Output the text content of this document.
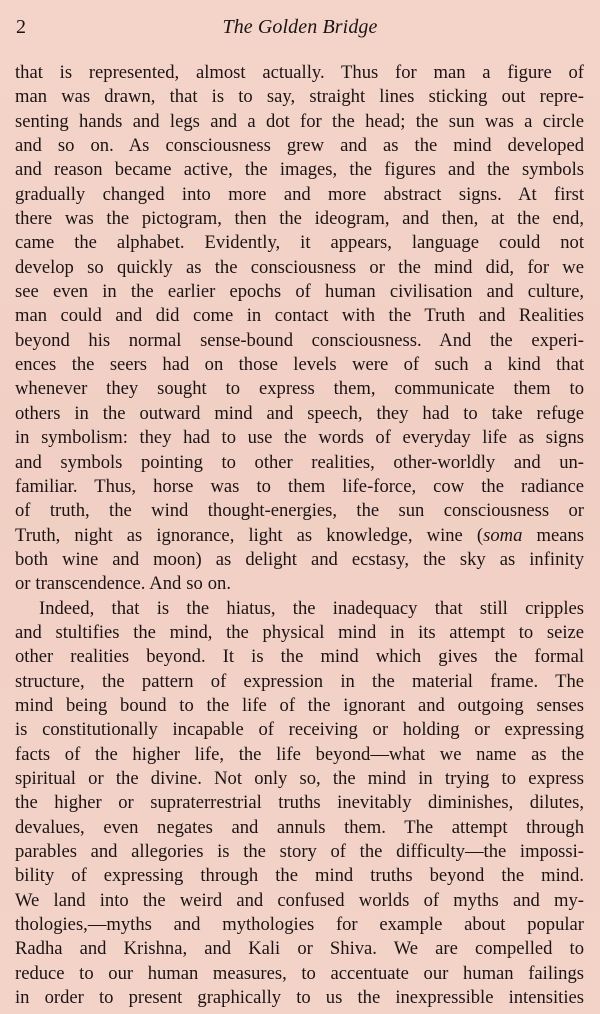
2	The Golden Bridge
that is represented, almost actually. Thus for man a figure of
man was drawn, that is to say, straight lines sticking out repre-
senting hands and legs and a dot for the head; the sun was a circle
and so on. As consciousness grew and as the mind developed
and reason became active, the images, the figures and the symbols
gradually changed into more and more abstract signs. At first
there was the pictogram, then the ideogram, and then, at the end,
came the alphabet. Evidently, it appears, language could not
develop so quickly as the consciousness or the mind did, for we
see even in the earlier epochs of human civilisation and culture,
man could and did come in contact with the Truth and Realities
beyond his normal sense-bound consciousness. And the experi-
ences the seers had on those levels were of such a kind that
whenever they sought to express them, communicate them to
others in the outward mind and speech, they had to take refuge
in symbolism: they had to use the words of everyday life as signs
and symbols pointing to other realities, other-worldly and un-
familiar. Thus, horse was to them life-force, cow the radiance
of truth, the wind thought-energies, the sun consciousness or
Truth, night as ignorance, light as knowledge, wine (soma means
both wine and moon) as delight and ecstasy, the sky as infinity
or transcendence. And so on.
Indeed, that is the hiatus, the inadequacy that still cripples
and stultifies the mind, the physical mind in its attempt to seize
other realities beyond. It is the mind which gives the formal
structure, the pattern of expression in the material frame. The
mind being bound to the life of the ignorant and outgoing senses
is constitutionally incapable of receiving or holding or expressing
facts of the higher life, the life beyond—what we name as the
spiritual or the divine. Not only so, the mind in trying to express
the higher or supraterrestrial truths inevitably diminishes, dilutes,
devalues, even negates and annuls them. The attempt through
parables and allegories is the story of the difficulty—the impossi-
bility of expressing through the mind truths beyond the mind.
We land into the weird and confused worlds of myths and my-
thologies,—myths and mythologies for example about popular
Radha and Krishna, and Kali or Shiva. We are compelled to
reduce to our human measures, to accentuate our human failings
in order to present graphically to us the inexpressible intensities
